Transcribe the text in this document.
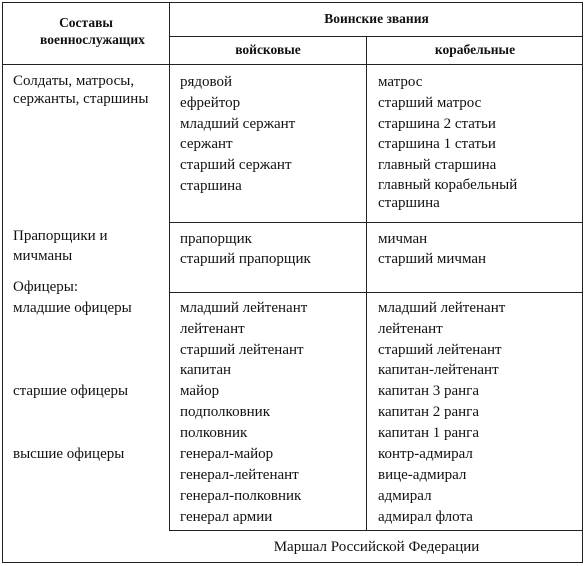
Составы военнослужащих
Воинские звания
войсковые	корабельные
Солдаты, матросы, сержанты, старшины
Прапорщики и мичманы
Офицеры:
младшие офицеры
старшие офицеры
высшие офицеры
рядовой
ефрейтор
младший сержант
сержант
старший сержант
старшина
прапорщик
старший прапорщик
младший лейтенант
лейтенант
старший лейтенант
капитан
майор
подполковник
полковник
генерал-майор
генерал-лейтенант
генерал-полковник
генерал армии
матрос
старший матрос
старшина 2 статьи
старшина 1 статьи
главный старшина
главный корабельный старшина
мичман
старший мичман
младший лейтенант
лейтенант
старший лейтенант
капитан-лейтенант
капитан 3 ранга
капитан 2 ранга
капитан 1 ранга
контр-адмирал
вице-адмирал
адмирал
адмирал флота
Маршал Российской Федерации
